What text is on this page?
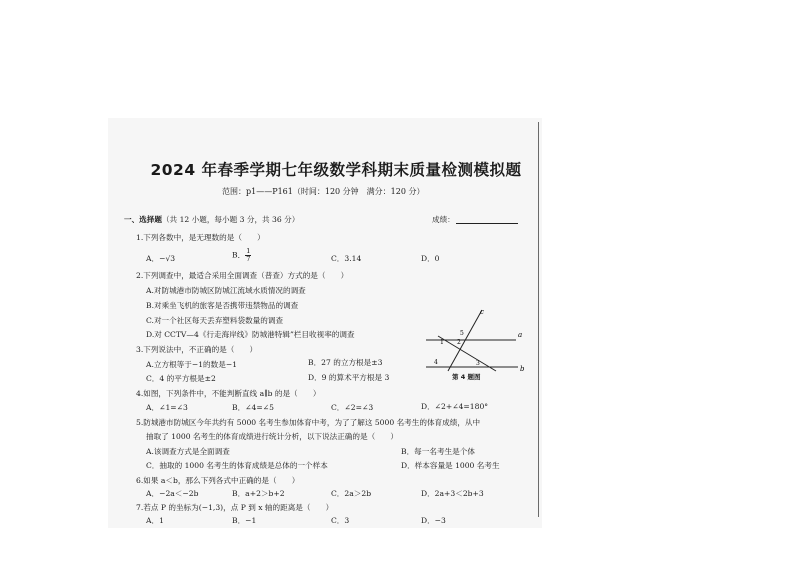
2024 年春季学期七年级数学科期末质量检测模拟题
范围：p1——P161（时间：120 分钟　满分：120 分）
一、选择题（共 12 小题，每小题 3 分，共 36 分）	成绩：
1.下列各数中，是无理数的是（　　）
A．−√3	B． $\frac{1}{7}$	C．3.14	D．0
2.下列调查中，最适合采用全面调查（普查）方式的是（　　）
A.对防城港市防城区防城江流域水质情况的调查
B.对乘坐飞机的旅客是否携带违禁物品的调查
C.对一个社区每天丢弃塑料袋数量的调查
D.对 CCTV—4《行走海岸线》防城港特辑”栏目收视率的调查
3.下列说法中，不正确的是（　　）
A.立方根等于−1的数是−1	B．27 的立方根是±3
C．4 的平方根是±2	D．9 的算术平方根是 3
4.如图，下列条件中，不能判断直线 a∥b 的是（　　）
A．∠1=∠3	B．∠4=∠5	C．∠2=∠3	D．∠2+∠4=180°
5.防城港市防城区今年共约有 5000 名考生参加体育中考，为了了解这 5000 名考生的体育成绩，从中
抽取了 1000 名考生的体育成绩进行统计分析，以下说法正确的是（　　）
A.该调查方式是全面调查	B．每一名考生是个体
C．抽取的 1000 名考生的体育成绩是总体的一个样本	D．样本容量是 1000 名考生
6.如果 a＜b，那么下列各式中正确的是（　　）
A．−2a＜−2b	B．a+2＞b+2	C．2a＞2b	D．2a+3＜2b+3
7.若点 P 的坐标为(−1,3)，点 P 到 x 轴的距离是（　　）
A．1	B．−1	C．3	D．−3
a
b
c
1 2
3
4
5
第 4 题图
